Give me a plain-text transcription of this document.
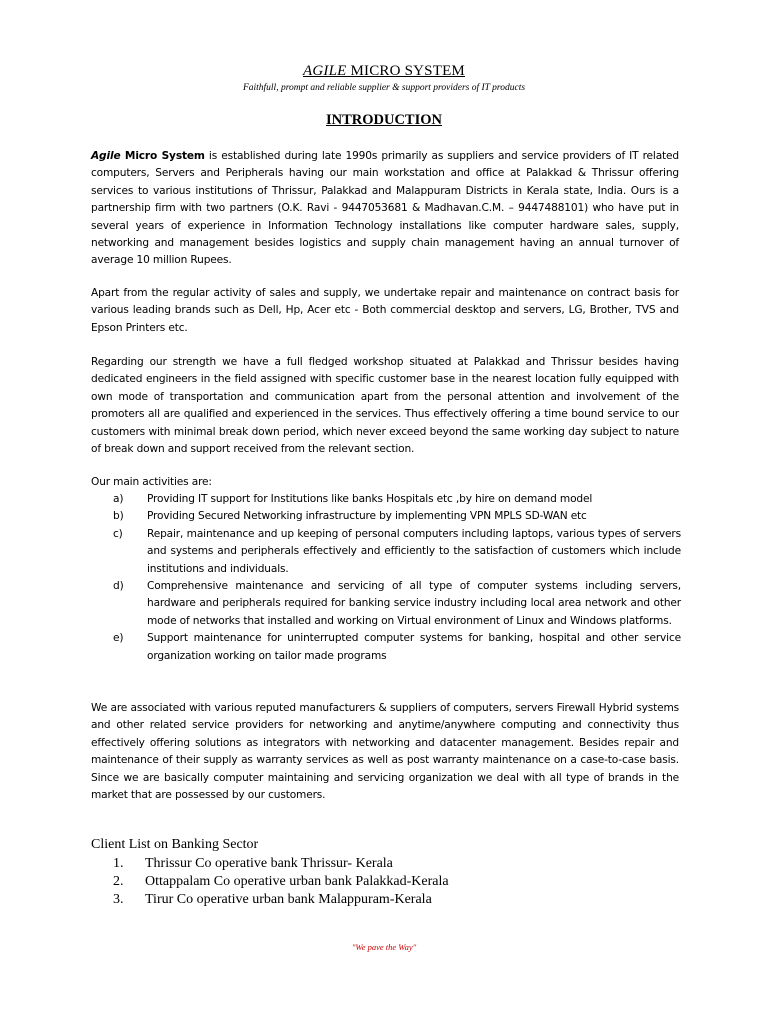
AGILE MICRO SYSTEM
Faithfull, prompt and reliable supplier & support providers of IT products
INTRODUCTION
Agile Micro System is established during late 1990s primarily as suppliers and service providers of IT related computers, Servers and Peripherals having our main workstation and office at Palakkad & Thrissur offering services to various institutions of Thrissur, Palakkad and Malappuram Districts in Kerala state, India. Ours is a partnership firm with two partners (O.K. Ravi - 9447053681 & Madhavan.C.M. – 9447488101) who have put in several years of experience in Information Technology installations like computer hardware sales, supply, networking and management besides logistics and supply chain management having an annual turnover of average 10 million Rupees.
Apart from the regular activity of sales and supply, we undertake repair and maintenance on contract basis for various leading brands such as Dell, Hp, Acer etc - Both commercial desktop and servers, LG, Brother, TVS and Epson Printers etc.
Regarding our strength we have a full fledged workshop situated at Palakkad and Thrissur besides having dedicated engineers in the field assigned with specific customer base in the nearest location fully equipped with own mode of transportation and communication apart from the personal attention and involvement of the promoters all are qualified and experienced in the services. Thus effectively offering a time bound service to our customers with minimal break down period, which never exceed beyond the same working day subject to nature of break down and support received from the relevant section.
Our main activities are:
a) Providing IT support for Institutions like banks Hospitals etc ,by hire on demand model
b) Providing Secured Networking infrastructure by implementing VPN MPLS SD-WAN etc
c) Repair, maintenance and up keeping of personal computers including laptops, various types of servers and systems and peripherals effectively and efficiently to the satisfaction of customers which include institutions and individuals.
d) Comprehensive maintenance and servicing of all type of computer systems including servers, hardware and peripherals required for banking service industry including local area network and other mode of networks that installed and working on Virtual environment of Linux and Windows platforms.
e) Support maintenance for uninterrupted computer systems for banking, hospital and other service organization working on tailor made programs
We are associated with various reputed manufacturers & suppliers of computers, servers Firewall Hybrid systems and other related service providers for networking and anytime/anywhere computing and connectivity thus effectively offering solutions as integrators with networking and datacenter management. Besides repair and maintenance of their supply as warranty services as well as post warranty maintenance on a case-to-case basis. Since we are basically computer maintaining and servicing organization we deal with all type of brands in the market that are possessed by our customers.
Client List on Banking Sector
1. Thrissur Co operative bank Thrissur- Kerala
2. Ottappalam Co operative urban bank Palakkad-Kerala
3. Tirur Co operative urban bank Malappuram-Kerala
"We pave the Way"
